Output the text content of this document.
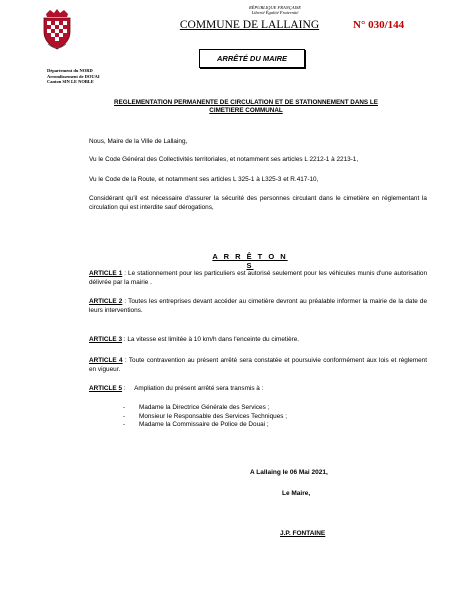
RÉPUBLIQUE FRANÇAISE
Liberté Égalité Fraternité
COMMUNE DE LALLAING	N° 030/144
ARRÊTÉ DU MAIRE
Département du NORD
Arrondissement de DOUAI
Canton SIN LE NOBLE
REGLEMENTATION PERMANENTE DE CIRCULATION ET DE STATIONNEMENT DANS LE CIMETIERE COMMUNAL

Nous, Maire de la Ville de Lallaing,

Vu le Code Général des Collectivités territoriales, et notamment ses articles L 2212-1 à 2213-1,

Vu le Code de la Route, et notamment ses articles L 325-1 à L325-3 et R.417-10,

Considérant qu'il est nécessaire d'assurer la sécurité des personnes circulant dans le cimetière en réglementant la circulation qui est interdite sauf dérogations,

A R R Ê T O N S

ARTICLE 1 : Le stationnement pour les particuliers est autorisé seulement pour les véhicules munis d'une autorisation délivrée par la mairie .

ARTICLE 2 : Toutes les entreprises devant accéder au cimetière devront au préalable informer la mairie de la date de leurs interventions.

ARTICLE 3 : La vitesse est limitée à 10 km/h dans l'enceinte du cimetière.

ARTICLE 4 : Toute contravention au présent arrêté sera constatée et poursuivie conformément aux lois et règlement en vigueur.

ARTICLE 5 :     Ampliation du présent arrêté sera transmis à :

-	Madame la Directrice Générale des Services ;
-	Monsieur le Responsable des Services Techniques ;
-	Madame la Commissaire de Police de Douai ;
A Lallaing le 06 Mai 2021,
Le Maire,
J.P. FONTAINE
